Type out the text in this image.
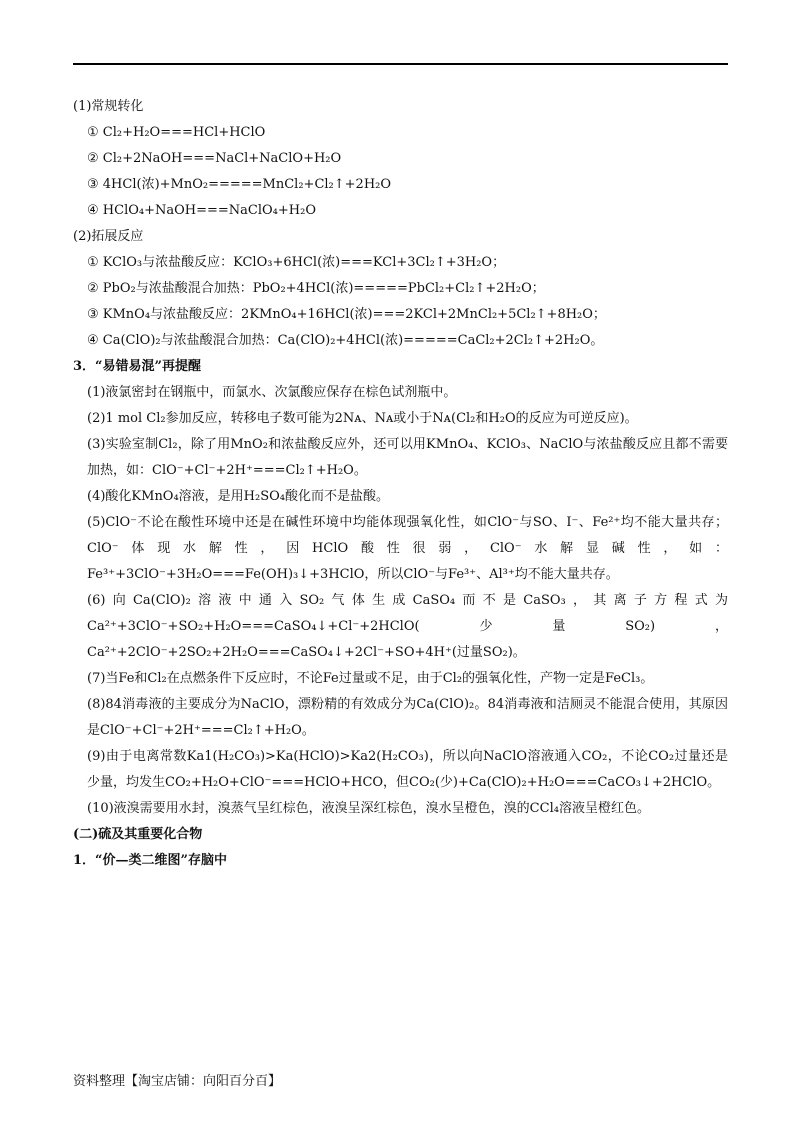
(1)常规转化

① Cl₂+H₂O===HCl+HClO

② Cl₂+2NaOH===NaCl+NaClO+H₂O

③ 4HCl(浓)+MnO₂=====MnCl₂+Cl₂↑+2H₂O

④ HClO₄+NaOH===NaClO₄+H₂O

(2)拓展反应

① KClO₃与浓盐酸反应：KClO₃+6HCl(浓)===KCl+3Cl₂↑+3H₂O；

② PbO₂与浓盐酸混合加热：PbO₂+4HCl(浓)=====PbCl₂+Cl₂↑+2H₂O；

③ KMnO₄与浓盐酸反应：2KMnO₄+16HCl(浓)===2KCl+2MnCl₂+5Cl₂↑+8H₂O；

④ Ca(ClO)₂与浓盐酸混合加热：Ca(ClO)₂+4HCl(浓)=====CaCl₂+2Cl₂↑+2H₂O。

3．“易错易混”再提醒

(1)液氯密封在钢瓶中，而氯水、次氯酸应保存在棕色试剂瓶中。

(2)1 mol Cl₂参加反应，转移电子数可能为2Nᴀ、Nᴀ或小于Nᴀ(Cl₂和H₂O的反应为可逆反应)。

(3)实验室制Cl₂，除了用MnO₂和浓盐酸反应外，还可以用KMnO₄、KClO₃、NaClO与浓盐酸反应且都不需要加热，如：ClO⁻+Cl⁻+2H⁺===Cl₂↑+H₂O。

(4)酸化KMnO₄溶液，是用H₂SO₄酸化而不是盐酸。

(5)ClO⁻不论在酸性环境中还是在碱性环境中均能体现强氧化性，如ClO⁻与SO、I⁻、Fe²⁺均不能大量共存；ClO⁻体现水解性，因HClO酸性很弱，ClO⁻水解显碱性，如：Fe³⁺+3ClO⁻+3H₂O===Fe(OH)₃↓+3HClO，所以ClO⁻与Fe³⁺、Al³⁺均不能大量共存。

(6)向Ca(ClO)₂溶液中通入SO₂气体生成CaSO₄而不是CaSO₃，其离子方程式为Ca²⁺+3ClO⁻+SO₂+H₂O===CaSO₄↓+Cl⁻+2HClO(少量SO₂)，Ca²⁺+2ClO⁻+2SO₂+2H₂O===CaSO₄↓+2Cl⁻+SO+4H⁺(过量SO₂)。

(7)当Fe和Cl₂在点燃条件下反应时，不论Fe过量或不足，由于Cl₂的强氧化性，产物一定是FeCl₃。

(8)84消毒液的主要成分为NaClO，漂粉精的有效成分为Ca(ClO)₂。84消毒液和洁厕灵不能混合使用，其原因是ClO⁻+Cl⁻+2H⁺===Cl₂↑+H₂O。

(9)由于电离常数Ka1(H₂CO₃)>Ka(HClO)>Ka2(H₂CO₃)，所以向NaClO溶液通入CO₂，不论CO₂过量还是少量，均发生CO₂+H₂O+ClO⁻===HClO+HCO，但CO₂(少)+Ca(ClO)₂+H₂O===CaCO₃↓+2HClO。

(10)液溴需要用水封，溴蒸气呈红棕色，液溴呈深红棕色，溴水呈橙色，溴的CCl₄溶液呈橙红色。

(二)硫及其重要化合物

1．“价—类二维图”存脑中

资料整理【淘宝店铺：向阳百分百】
